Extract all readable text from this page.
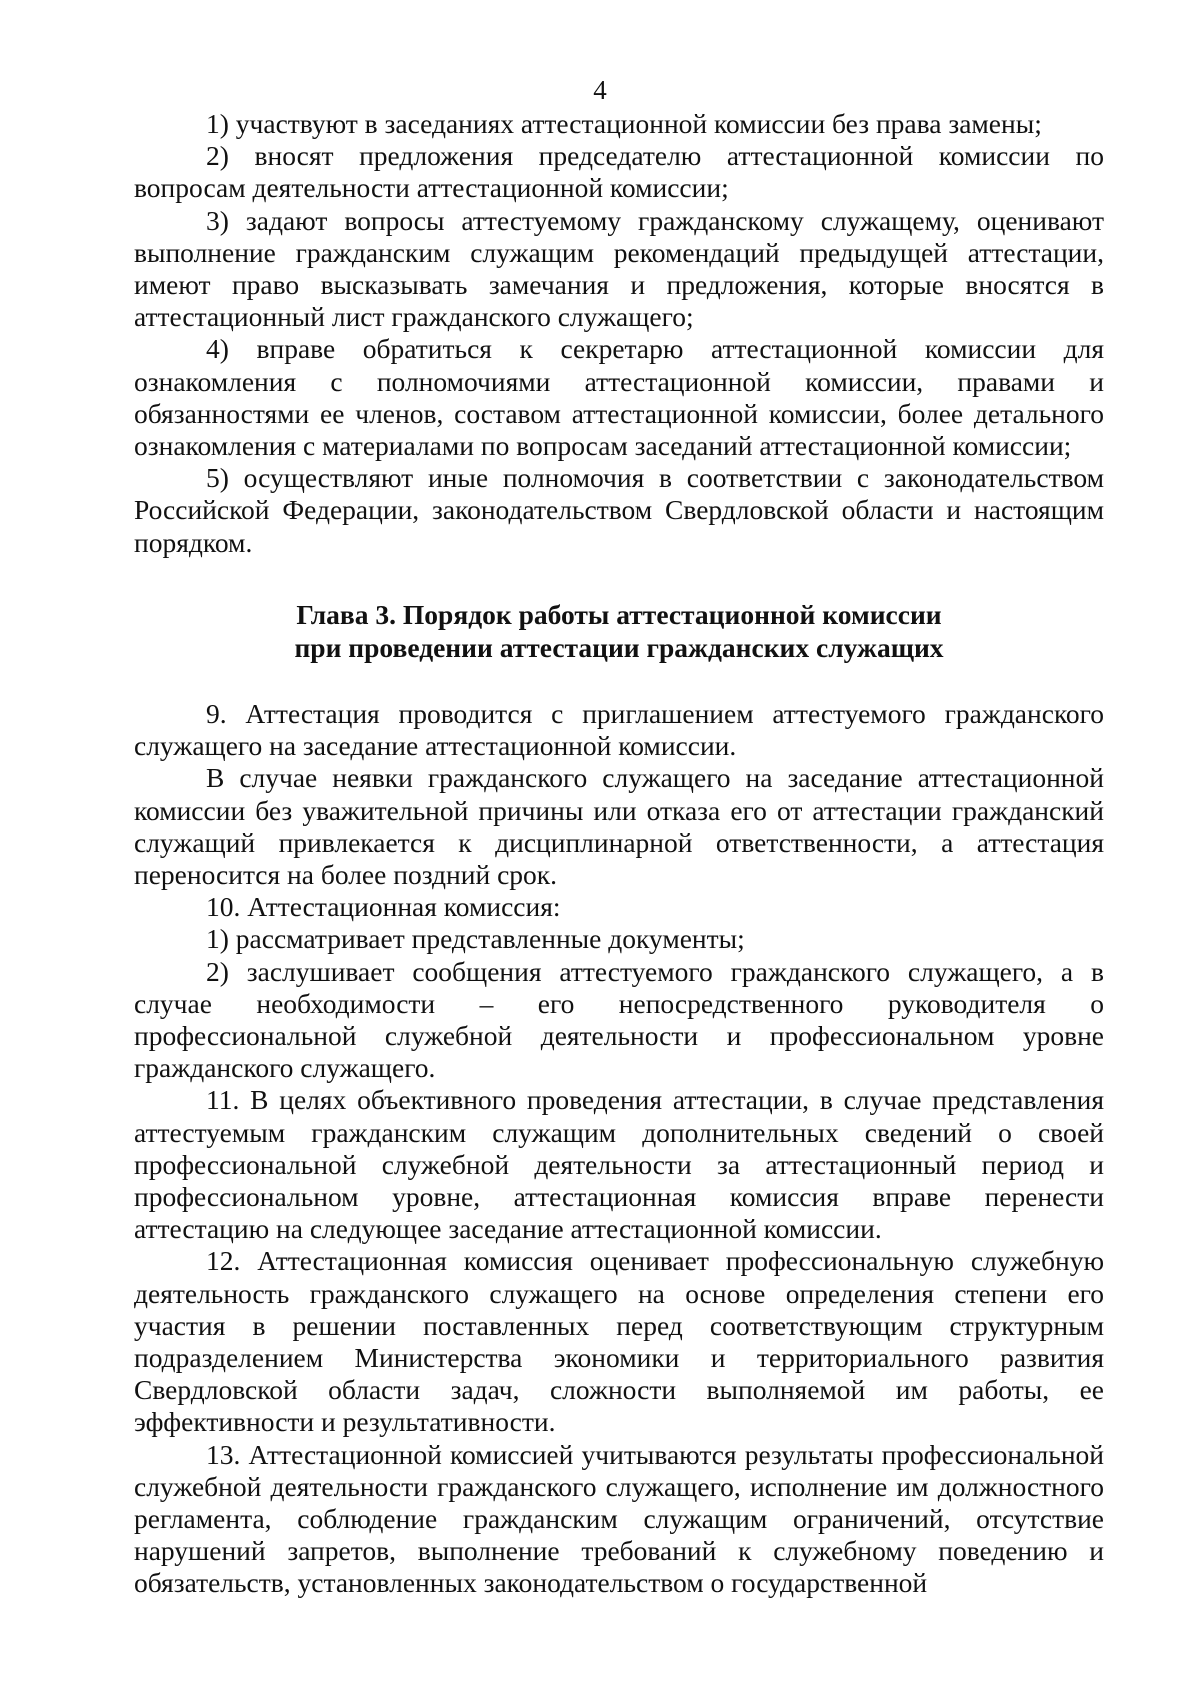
4

1) участвуют в заседаниях аттестационной комиссии без права замены;

2) вносят предложения председателю аттестационной комиссии по вопросам деятельности аттестационной комиссии;

3) задают вопросы аттестуемому гражданскому служащему, оценивают выполнение гражданским служащим рекомендаций предыдущей аттестации, имеют право высказывать замечания и предложения, которые вносятся в аттестационный лист гражданского служащего;

4) вправе обратиться к секретарю аттестационной комиссии для ознакомления с полномочиями аттестационной комиссии, правами и обязанностями ее членов, составом аттестационной комиссии, более детального ознакомления с материалами по вопросам заседаний аттестационной комиссии;

5) осуществляют иные полномочия в соответствии с законодательством Российской Федерации, законодательством Свердловской области и настоящим порядком.

Глава 3. Порядок работы аттестационной комиссии
при проведении аттестации гражданских служащих

9. Аттестация проводится с приглашением аттестуемого гражданского служащего на заседание аттестационной комиссии.

В случае неявки гражданского служащего на заседание аттестационной комиссии без уважительной причины или отказа его от аттестации гражданский служащий привлекается к дисциплинарной ответственности, а аттестация переносится на более поздний срок.

10. Аттестационная комиссия:

1) рассматривает представленные документы;

2) заслушивает сообщения аттестуемого гражданского служащего, а в случае необходимости – его непосредственного руководителя о профессиональной служебной деятельности и профессиональном уровне гражданского служащего.

11. В целях объективного проведения аттестации, в случае представления аттестуемым гражданским служащим дополнительных сведений о своей профессиональной служебной деятельности за аттестационный период и профессиональном уровне, аттестационная комиссия вправе перенести аттестацию на следующее заседание аттестационной комиссии.

12. Аттестационная комиссия оценивает профессиональную служебную деятельность гражданского служащего на основе определения степени его участия в решении поставленных перед соответствующим структурным подразделением Министерства экономики и территориального развития Свердловской области задач, сложности выполняемой им работы, ее эффективности и результативности.

13. Аттестационной комиссией учитываются результаты профессиональной служебной деятельности гражданского служащего, исполнение им должностного регламента, соблюдение гражданским служащим ограничений, отсутствие нарушений запретов, выполнение требований к служебному поведению и обязательств, установленных законодательством о государственной
